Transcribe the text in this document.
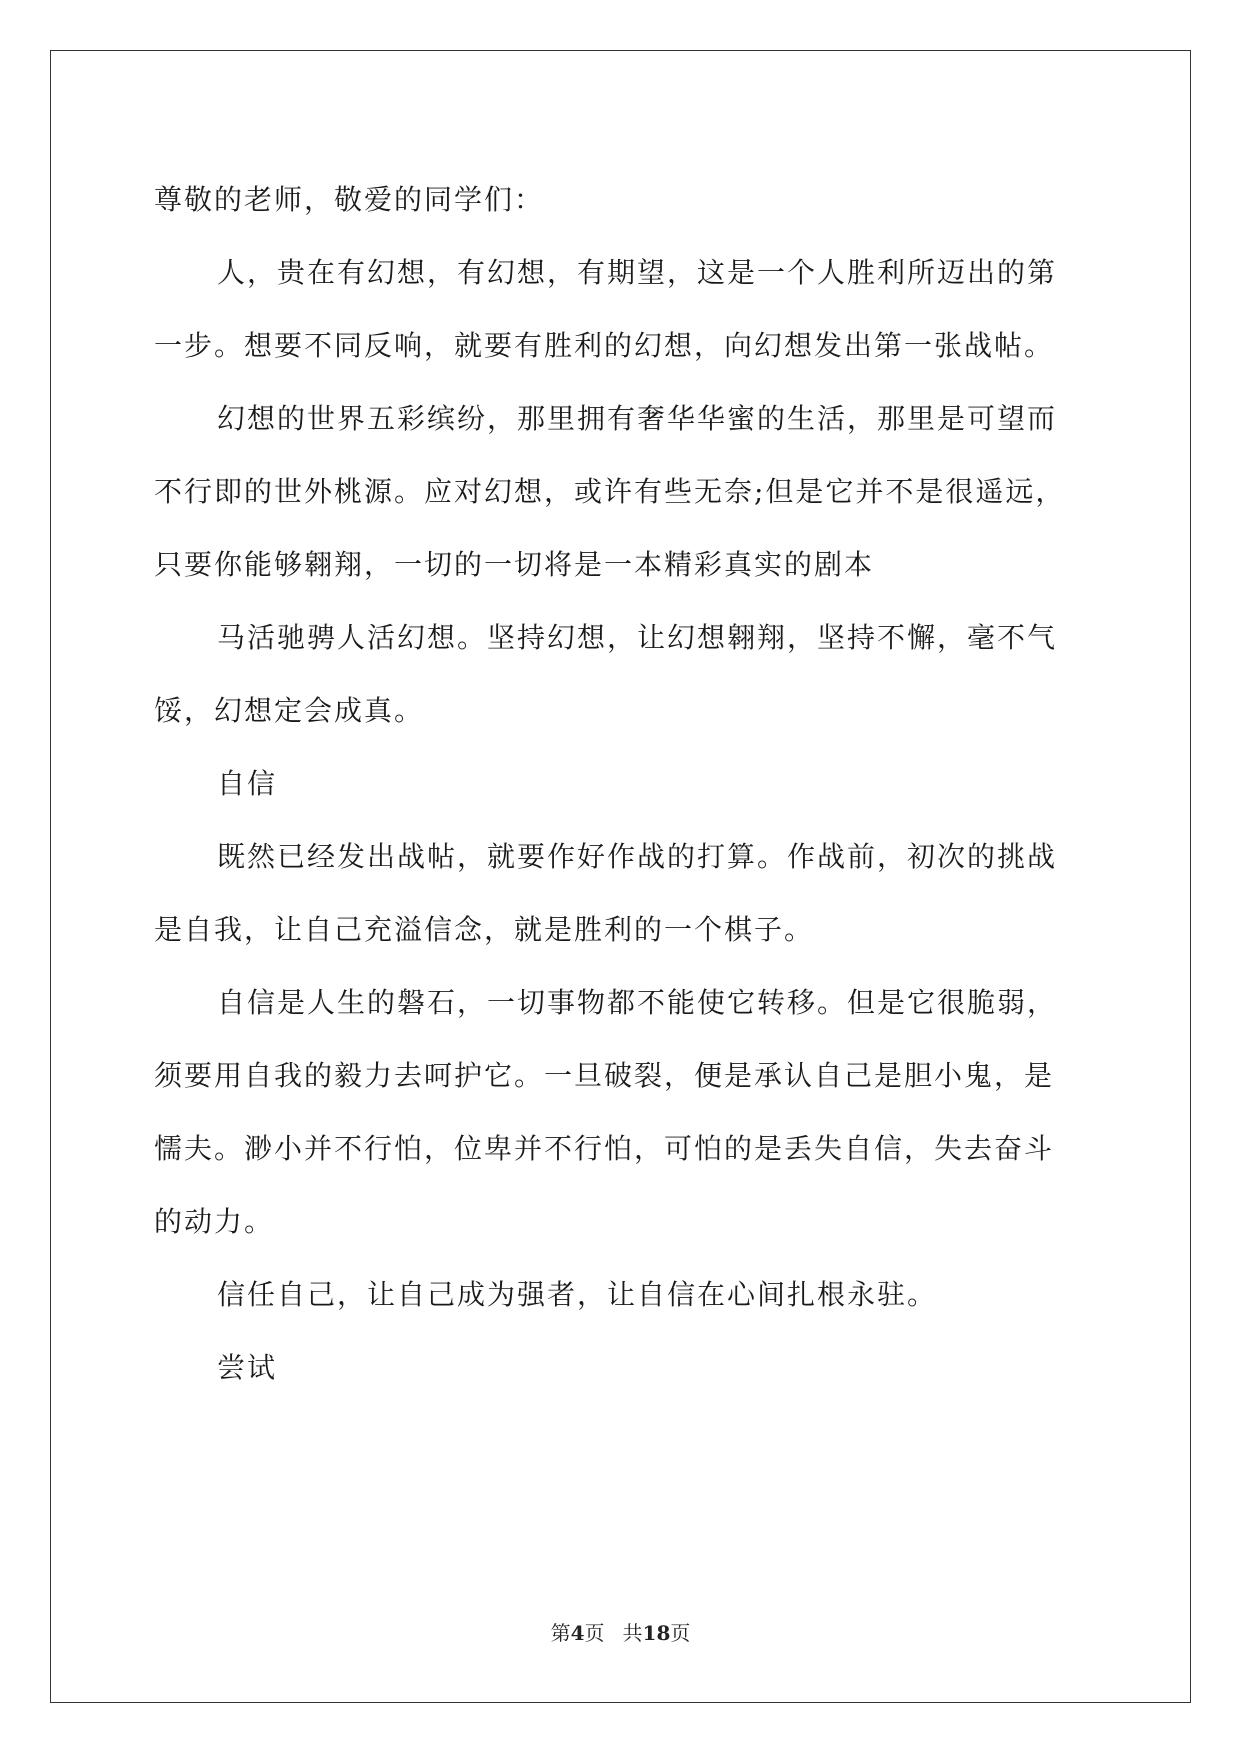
尊敬的老师，敬爱的同学们：
人，贵在有幻想，有幻想，有期望，这是一个人胜利所迈出的第
一步。想要不同反响，就要有胜利的幻想，向幻想发出第一张战帖。
幻想的世界五彩缤纷，那里拥有奢华华蜜的生活，那里是可望而
不行即的世外桃源。应对幻想，或许有些无奈;但是它并不是很遥远，
只要你能够翱翔，一切的一切将是一本精彩真实的剧本
马活驰骋人活幻想。坚持幻想，让幻想翱翔，坚持不懈，毫不气
馁，幻想定会成真。
自信
既然已经发出战帖，就要作好作战的打算。作战前，初次的挑战
是自我，让自己充溢信念，就是胜利的一个棋子。
自信是人生的磐石，一切事物都不能使它转移。但是它很脆弱，
须要用自我的毅力去呵护它。一旦破裂，便是承认自己是胆小鬼，是
懦夫。渺小并不行怕，位卑并不行怕，可怕的是丢失自信，失去奋斗
的动力。
信任自己，让自己成为强者，让自信在心间扎根永驻。
尝试
第4页 共18页
